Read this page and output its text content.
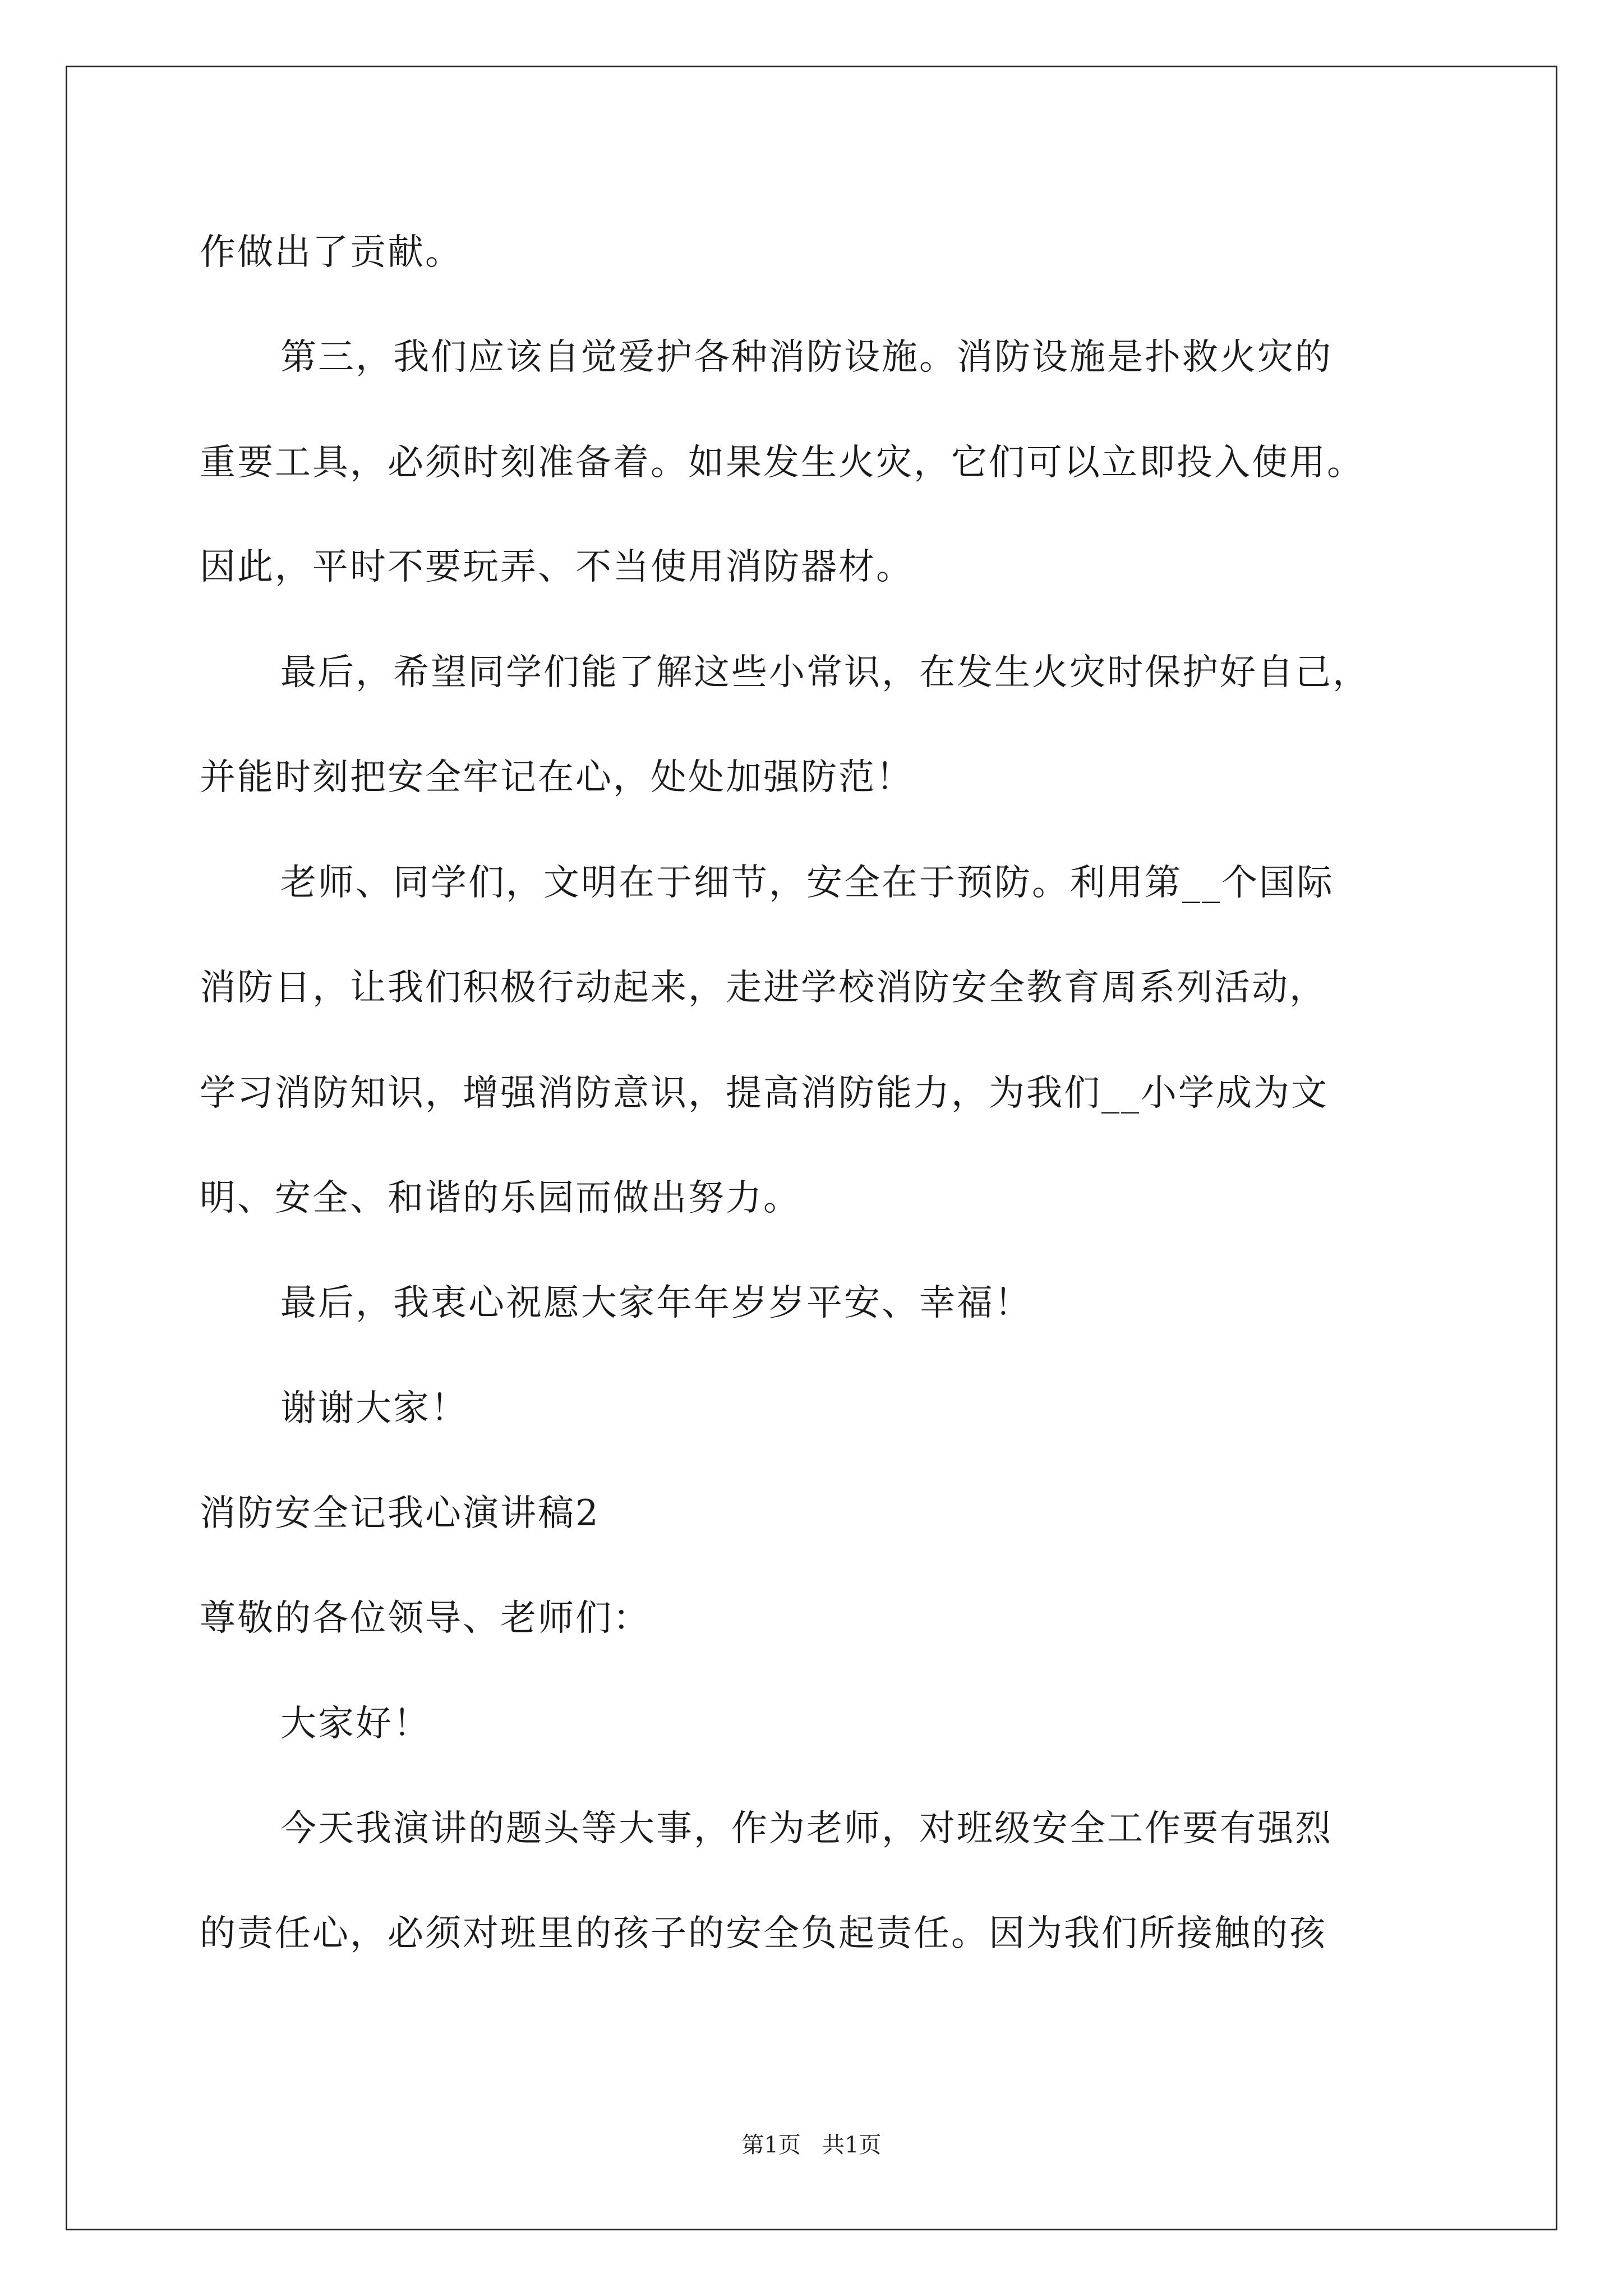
作做出了贡献。
第三，我们应该自觉爱护各种消防设施。消防设施是扑救火灾的
重要工具，必须时刻准备着。如果发生火灾，它们可以立即投入使用。
因此，平时不要玩弄、不当使用消防器材。
最后，希望同学们能了解这些小常识，在发生火灾时保护好自己，
并能时刻把安全牢记在心，处处加强防范！
老师、同学们，文明在于细节，安全在于预防。利用第__个国际
消防日，让我们积极行动起来，走进学校消防安全教育周系列活动，
学习消防知识，增强消防意识，提高消防能力，为我们__小学成为文
明、安全、和谐的乐园而做出努力。
最后，我衷心祝愿大家年年岁岁平安、幸福！
谢谢大家！
消防安全记我心演讲稿2
尊敬的各位领导、老师们：
大家好！
今天我演讲的题头等大事，作为老师，对班级安全工作要有强烈
的责任心，必须对班里的孩子的安全负起责任。因为我们所接触的孩
第1页   共1页
